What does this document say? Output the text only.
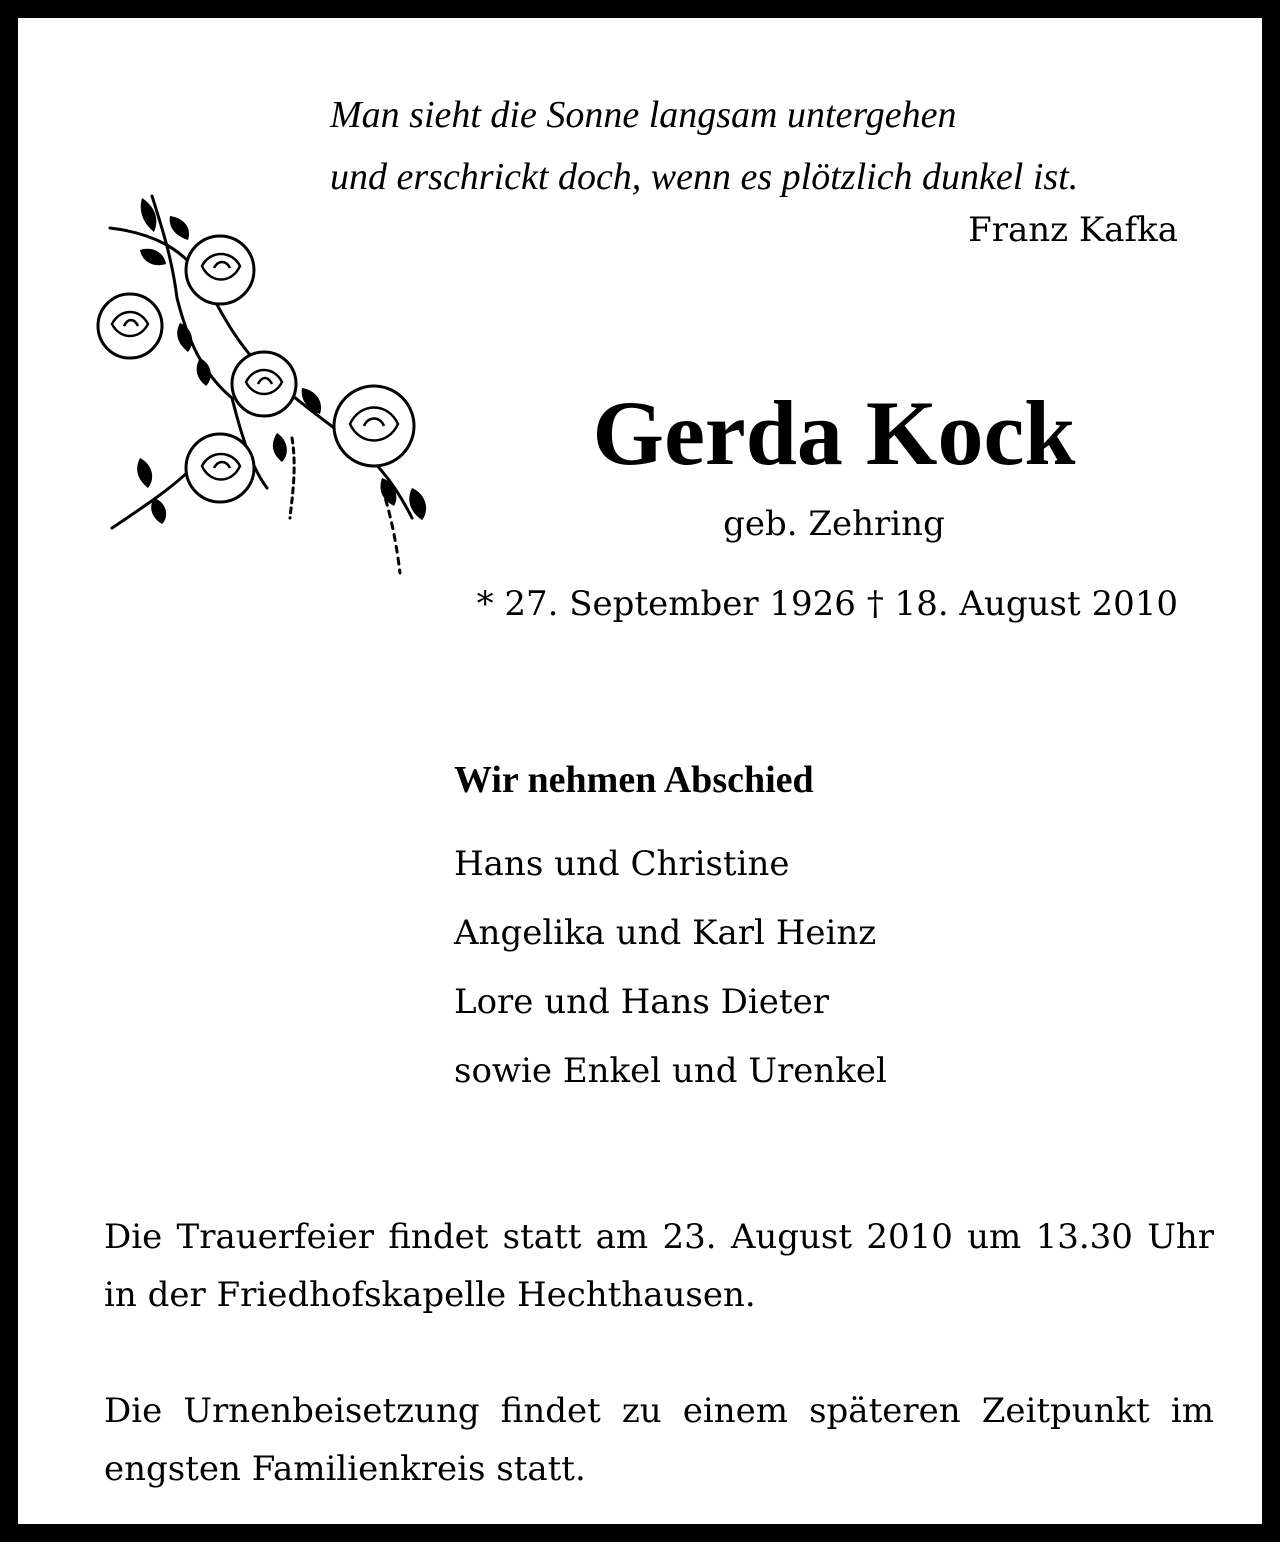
Man sieht die Sonne langsam untergehen
und erschrickt doch, wenn es plötzlich dunkel ist.
Franz Kafka
Gerda Kock
geb. Zehring
* 27. September 1926 † 18. August 2010
Wir nehmen Abschied
Hans und Christine
Angelika und Karl Heinz
Lore und Hans Dieter
sowie Enkel und Urenkel
Die Trauerfeier findet statt am 23. August 2010 um 13.30 Uhr in der Friedhofskapelle Hechthausen.
Die Urnenbeisetzung findet zu einem späteren Zeitpunkt im engsten Familienkreis statt.
